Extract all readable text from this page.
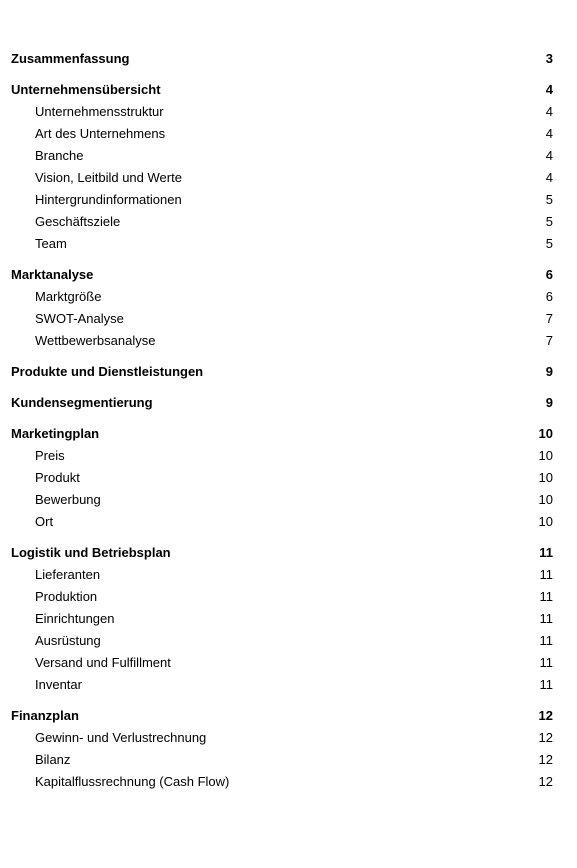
Zusammenfassung	3
Unternehmensübersicht	4
Unternehmensstruktur	4
Art des Unternehmens	4
Branche	4
Vision, Leitbild und Werte	4
Hintergrundinformationen	5
Geschäftsziele	5
Team	5
Marktanalyse	6
Marktgröße	6
SWOT-Analyse	7
Wettbewerbsanalyse	7
Produkte und Dienstleistungen	9
Kundensegmentierung	9
Marketingplan	10
Preis	10
Produkt	10
Bewerbung	10
Ort	10
Logistik und Betriebsplan	11
Lieferanten	11
Produktion	11
Einrichtungen	11
Ausrüstung	11
Versand und Fulfillment	11
Inventar	11
Finanzplan	12
Gewinn- und Verlustrechnung	12
Bilanz	12
Kapitalflussrechnung (Cash Flow)	12
